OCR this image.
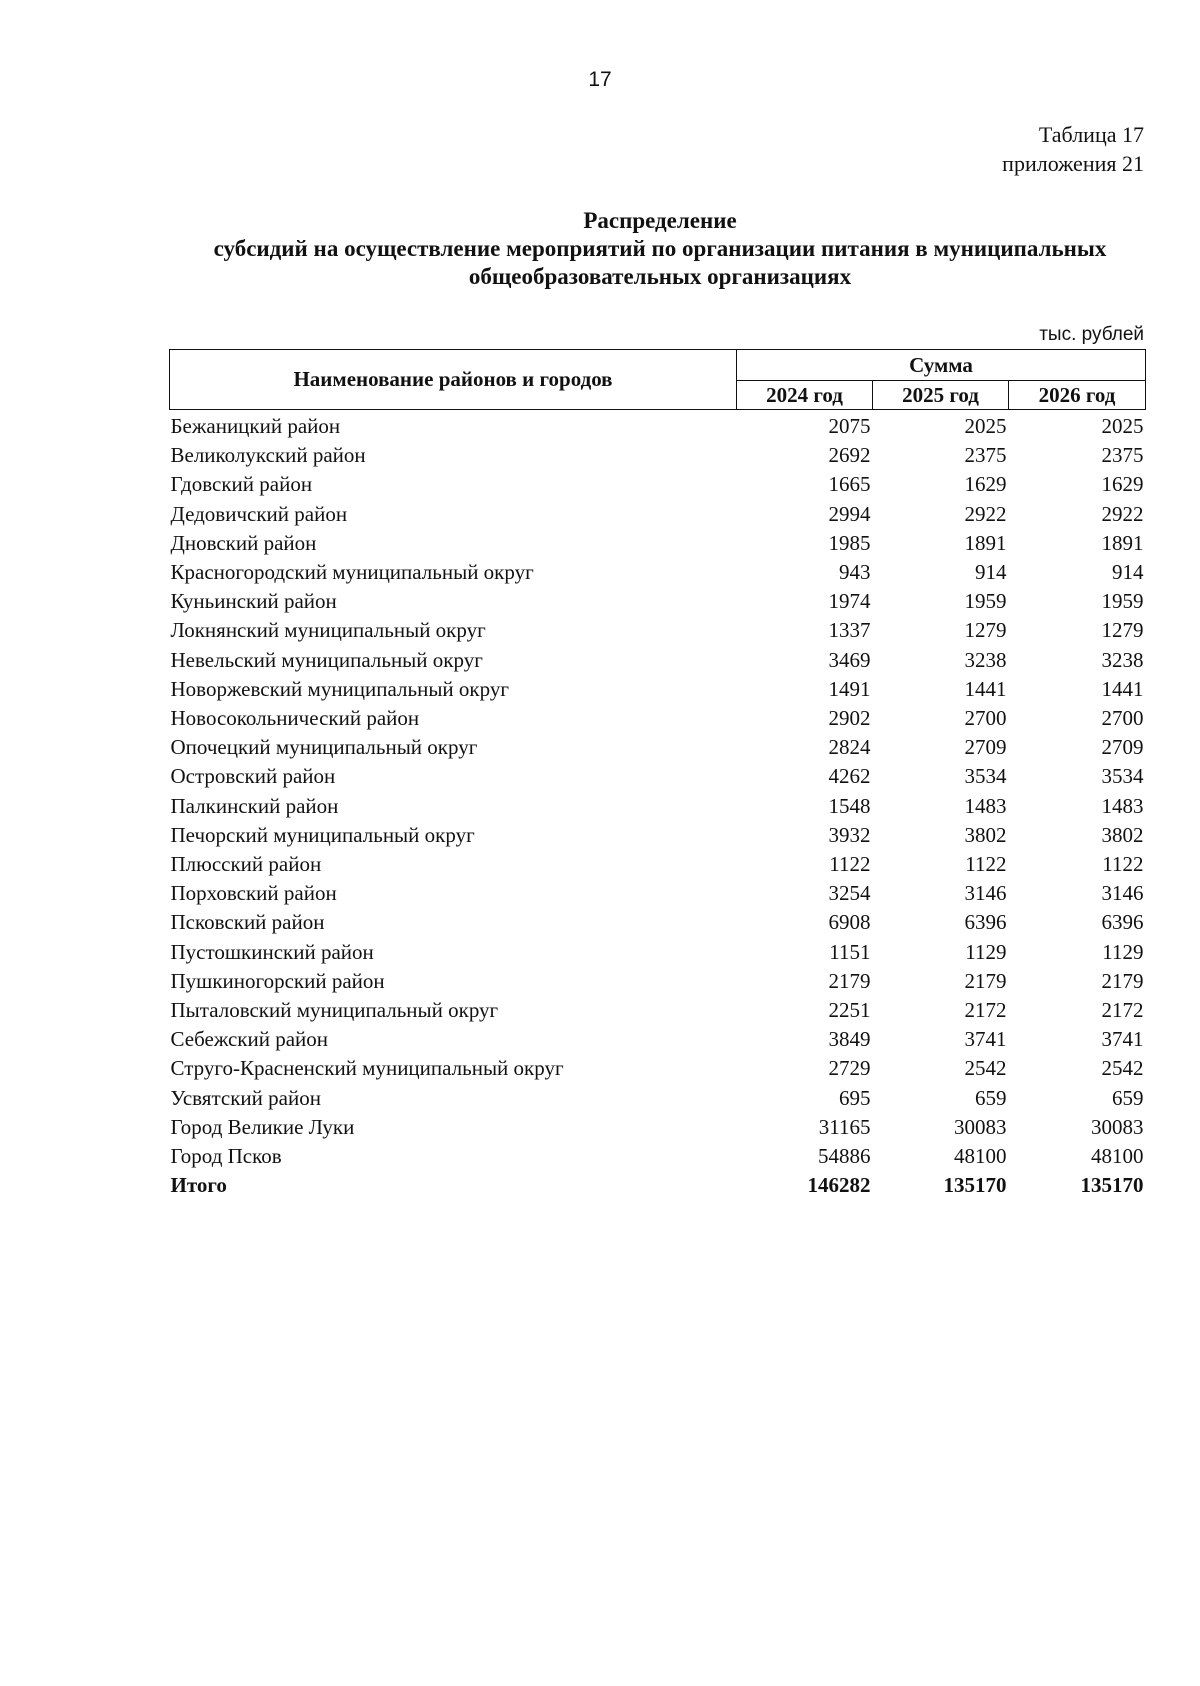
17
Таблица 17
приложения 21
Распределение
субсидий на осуществление мероприятий по организации питания в муниципальных
общеобразовательных организациях
тыс. рублей
Наименование районов и городов	Сумма		
	2024 год	2025 год	2026 год
Бежаницкий район	2075	2025	2025
Великолукский район	2692	2375	2375
Гдовский район	1665	1629	1629
Дедовичский район	2994	2922	2922
Дновский район	1985	1891	1891
Красногородский муниципальный округ	943	914	914
Куньинский район	1974	1959	1959
Локнянский муниципальный округ	1337	1279	1279
Невельский муниципальный округ	3469	3238	3238
Новоржевский муниципальный округ	1491	1441	1441
Новосокольнический район	2902	2700	2700
Опочецкий муниципальный округ	2824	2709	2709
Островский район	4262	3534	3534
Палкинский район	1548	1483	1483
Печорский муниципальный округ	3932	3802	3802
Плюсский район	1122	1122	1122
Порховский район	3254	3146	3146
Псковский район	6908	6396	6396
Пустошкинский район	1151	1129	1129
Пушкиногорский район	2179	2179	2179
Пыталовский муниципальный округ	2251	2172	2172
Себежский район	3849	3741	3741
Струго-Красненский муниципальный округ	2729	2542	2542
Усвятский район	695	659	659
Город Великие Луки	31165	30083	30083
Город Псков	54886	48100	48100
Итого	146282	135170	135170
